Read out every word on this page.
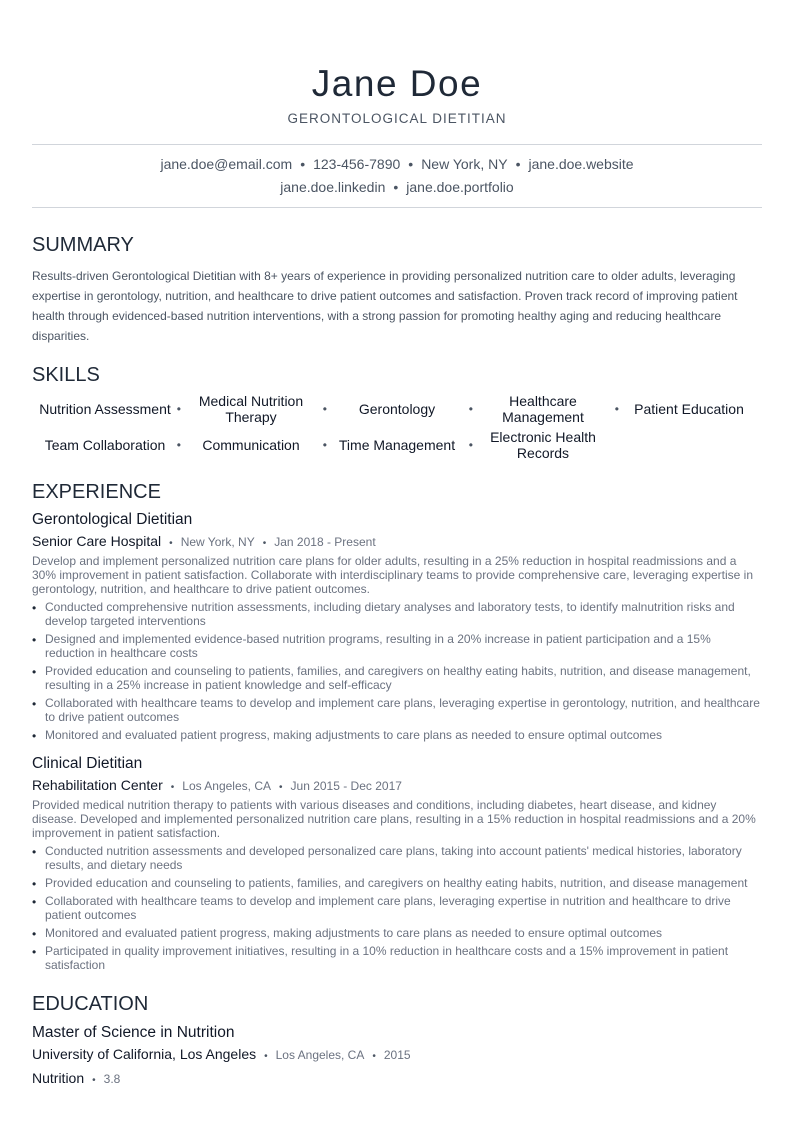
Jane Doe
GERONTOLOGICAL DIETITIAN
jane.doe@email.com • 123-456-7890 • New York, NY • jane.doe.website
jane.doe.linkedin • jane.doe.portfolio
SUMMARY
Results-driven Gerontological Dietitian with 8+ years of experience in providing personalized nutrition care to older adults, leveraging expertise in gerontology, nutrition, and healthcare to drive patient outcomes and satisfaction. Proven track record of improving patient health through evidenced-based nutrition interventions, with a strong passion for promoting healthy aging and reducing healthcare disparities.
SKILLS
Nutrition Assessment •	Medical Nutrition Therapy •	Gerontology •	Healthcare Management •	Patient Education
Team Collaboration •	Communication •	Time Management •	Electronic Health Records
EXPERIENCE
Gerontological Dietitian
Senior Care Hospital • New York, NY • Jan 2018 - Present
Develop and implement personalized nutrition care plans for older adults, resulting in a 25% reduction in hospital readmissions and a 30% improvement in patient satisfaction. Collaborate with interdisciplinary teams to provide comprehensive care, leveraging expertise in gerontology, nutrition, and healthcare to drive patient outcomes.
• Conducted comprehensive nutrition assessments, including dietary analyses and laboratory tests, to identify malnutrition risks and develop targeted interventions
• Designed and implemented evidence-based nutrition programs, resulting in a 20% increase in patient participation and a 15% reduction in healthcare costs
• Provided education and counseling to patients, families, and caregivers on healthy eating habits, nutrition, and disease management, resulting in a 25% increase in patient knowledge and self-efficacy
• Collaborated with healthcare teams to develop and implement care plans, leveraging expertise in gerontology, nutrition, and healthcare to drive patient outcomes
• Monitored and evaluated patient progress, making adjustments to care plans as needed to ensure optimal outcomes
Clinical Dietitian
Rehabilitation Center • Los Angeles, CA • Jun 2015 - Dec 2017
Provided medical nutrition therapy to patients with various diseases and conditions, including diabetes, heart disease, and kidney disease. Developed and implemented personalized nutrition care plans, resulting in a 15% reduction in hospital readmissions and a 20% improvement in patient satisfaction.
• Conducted nutrition assessments and developed personalized care plans, taking into account patients' medical histories, laboratory results, and dietary needs
• Provided education and counseling to patients, families, and caregivers on healthy eating habits, nutrition, and disease management
• Collaborated with healthcare teams to develop and implement care plans, leveraging expertise in nutrition and healthcare to drive patient outcomes
• Monitored and evaluated patient progress, making adjustments to care plans as needed to ensure optimal outcomes
• Participated in quality improvement initiatives, resulting in a 10% reduction in healthcare costs and a 15% improvement in patient satisfaction
EDUCATION
Master of Science in Nutrition
University of California, Los Angeles • Los Angeles, CA • 2015
Nutrition • 3.8
